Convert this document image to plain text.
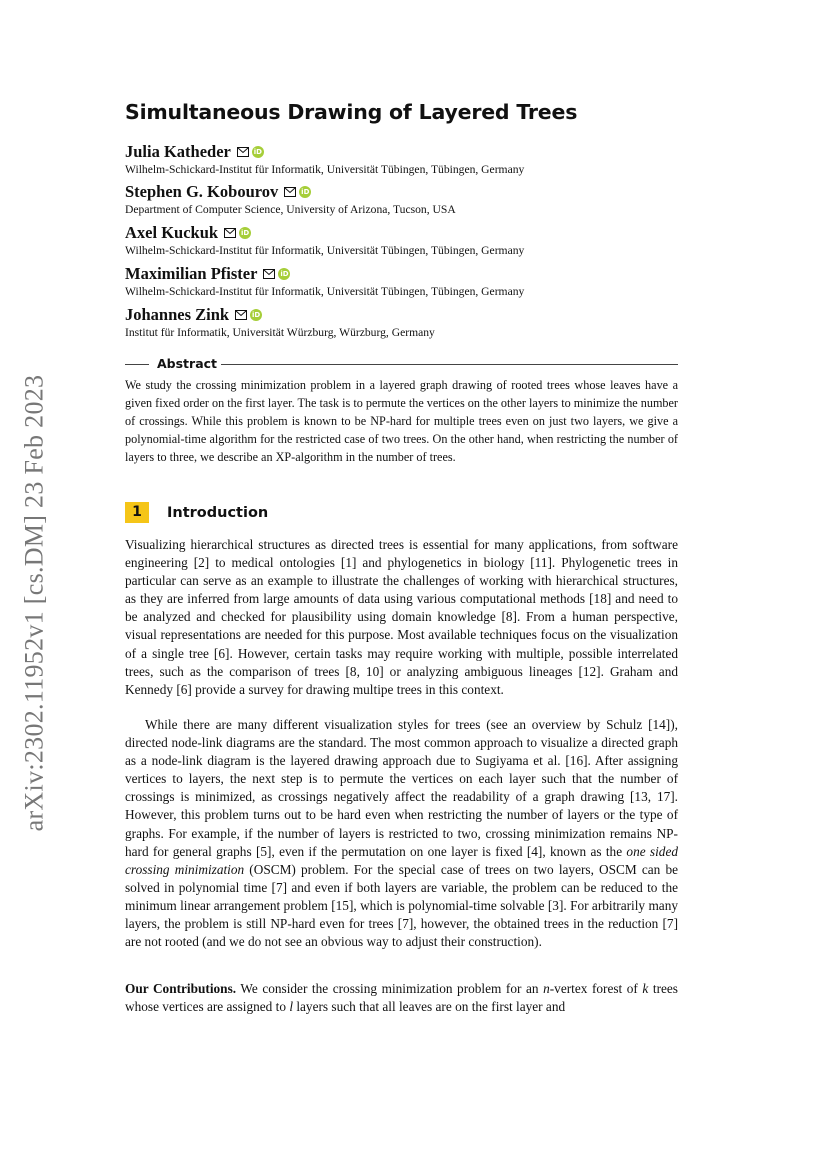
arXiv:2302.11952v1 [cs.DM] 23 Feb 2023
Simultaneous Drawing of Layered Trees
Julia Katheder	iD
Wilhelm-Schickard-Institut für Informatik, Universität Tübingen, Tübingen, Germany
Stephen G. Kobourov	iD
Department of Computer Science, University of Arizona, Tucson, USA
Axel Kuckuk	iD
Wilhelm-Schickard-Institut für Informatik, Universität Tübingen, Tübingen, Germany
Maximilian Pfister	iD
Wilhelm-Schickard-Institut für Informatik, Universität Tübingen, Tübingen, Germany
Johannes Zink	iD
Institut für Informatik, Universität Würzburg, Würzburg, Germany
Abstract
We study the crossing minimization problem in a layered graph drawing of rooted trees whose leaves have a given fixed order on the first layer. The task is to permute the vertices on the other layers to minimize the number of crossings. While this problem is known to be NP-hard for multiple trees even on just two layers, we give a polynomial-time algorithm for the restricted case of two trees. On the other hand, when restricting the number of layers to three, we describe an XP-algorithm in the number of trees.
1	Introduction

Visualizing hierarchical structures as directed trees is essential for many applications, from software engineering [2] to medical ontologies [1] and phylogenetics in biology [11]. Phylogenetic trees in particular can serve as an example to illustrate the challenges of working with hierarchical structures, as they are inferred from large amounts of data using various computational methods [18] and need to be analyzed and checked for plausibility using domain knowledge [8]. From a human perspective, visual representations are needed for this purpose. Most available techniques focus on the visualization of a single tree [6]. However, certain tasks may require working with multiple, possible interrelated trees, such as the comparison of trees [8, 10] or analyzing ambiguous lineages [12]. Graham and Kennedy [6] provide a survey for drawing multipe trees in this context.

While there are many different visualization styles for trees (see an overview by Schulz [14]), directed node-link diagrams are the standard. The most common approach to visualize a directed graph as a node-link diagram is the layered drawing approach due to Sugiyama et al. [16]. After assigning vertices to layers, the next step is to permute the vertices on each layer such that the number of crossings is minimized, as crossings negatively affect the readability of a graph drawing [13, 17]. However, this problem turns out to be hard even when restricting the number of layers or the type of graphs. For example, if the number of layers is restricted to two, crossing minimization remains NP-hard for general graphs [5], even if the permutation on one layer is fixed [4], known as the one sided crossing minimization (OSCM) problem. For the special case of trees on two layers, OSCM can be solved in polynomial time [7] and even if both layers are variable, the problem can be reduced to the minimum linear arrangement problem [15], which is polynomial-time solvable [3]. For arbitrarily many layers, the problem is still NP-hard even for trees [7], however, the obtained trees in the reduction [7] are not rooted (and we do not see an obvious way to adjust their construction).

Our Contributions. We consider the crossing minimization problem for an n-vertex forest of k trees whose vertices are assigned to l layers such that all leaves are on the first layer and
